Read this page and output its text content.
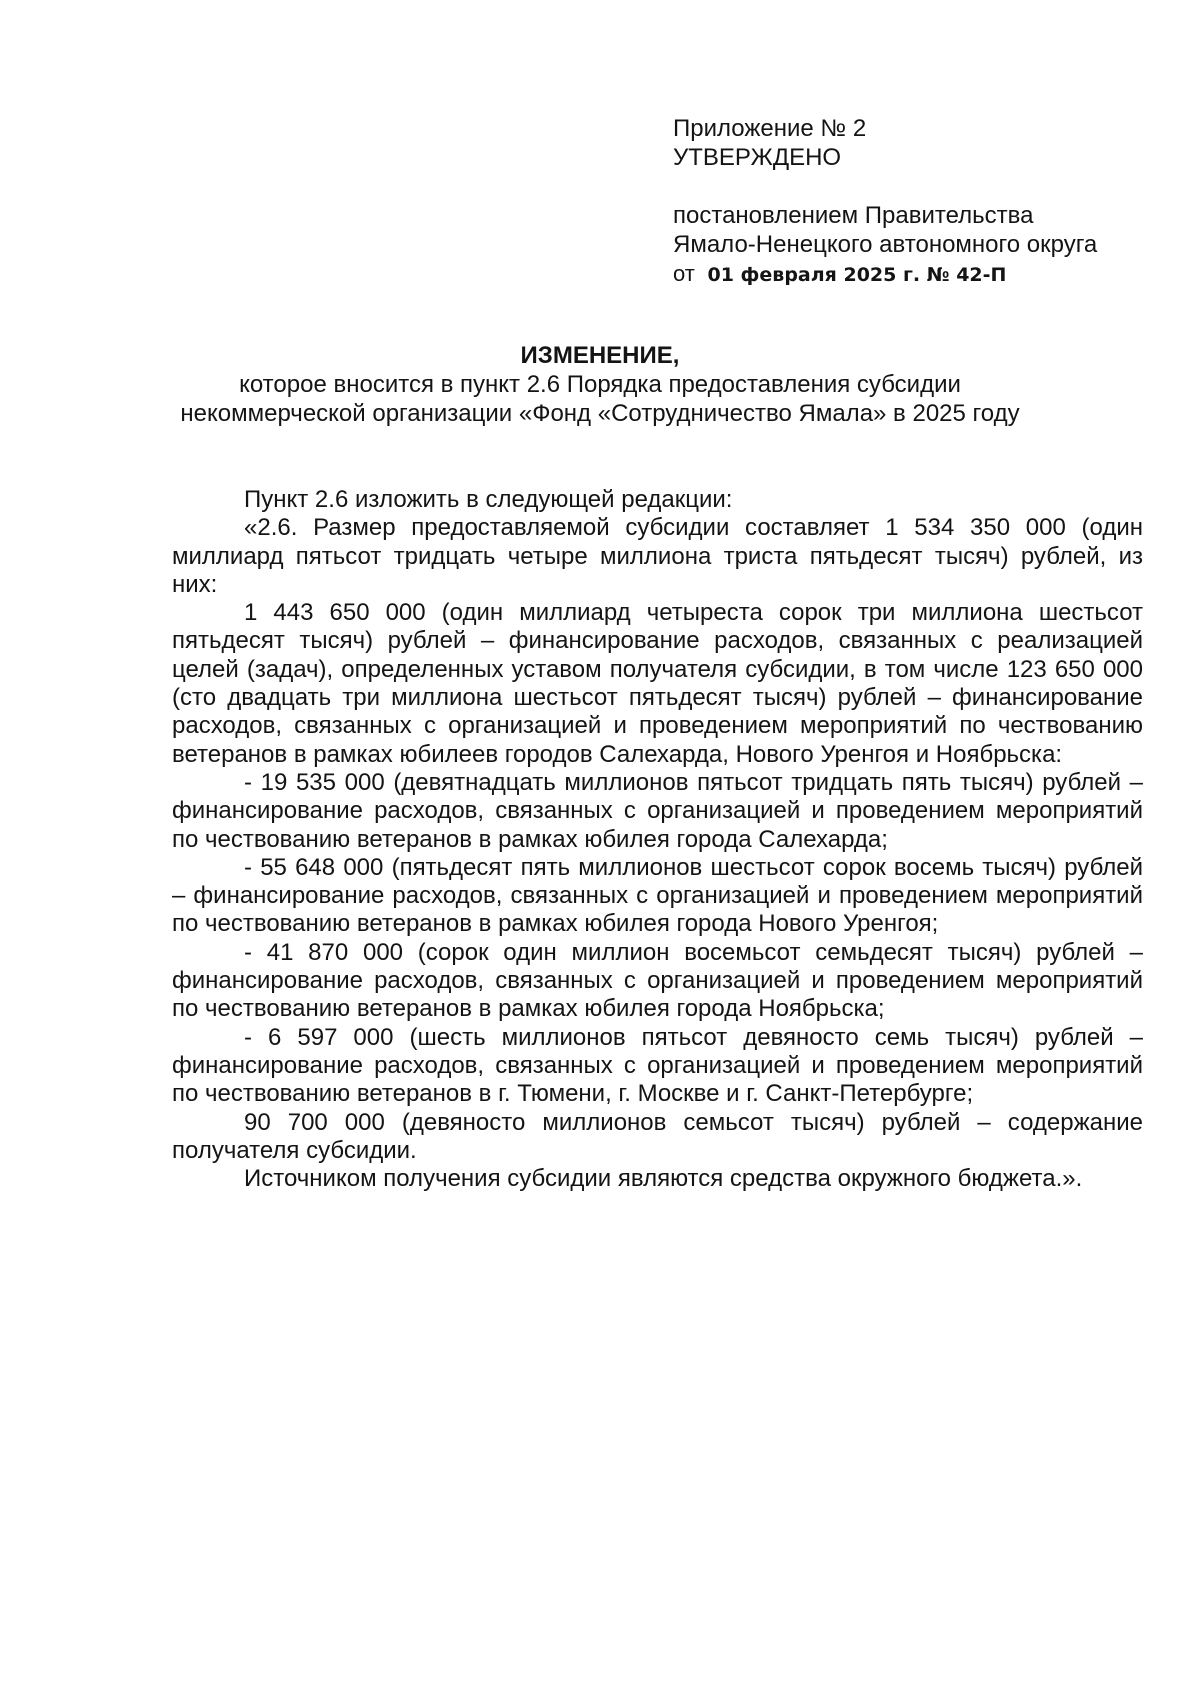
Приложение № 2
УТВЕРЖДЕНО
постановлением Правительства
Ямало-Ненецкого автономного округа
от 01 февраля 2025 г. № 42-П
ИЗМЕНЕНИЕ,
которое вносится в пункт 2.6 Порядка предоставления субсидии
некоммерческой организации «Фонд «Сотрудничество Ямала» в 2025 году

Пункт 2.6 изложить в следующей редакции:

«2.6. Размер предоставляемой субсидии составляет 1 534 350 000 (один миллиард пятьсот тридцать четыре миллиона триста пятьдесят тысяч) рублей, из них:

1 443 650 000 (один миллиард четыреста сорок три миллиона шестьсот пятьдесят тысяч) рублей – финансирование расходов, связанных с реализацией целей (задач), определенных уставом получателя субсидии, в том числе 123 650 000 (сто двадцать три миллиона шестьсот пятьдесят тысяч) рублей – финансирование расходов, связанных с организацией и проведением мероприятий по чествованию ветеранов в рамках юбилеев городов Салехарда, Нового Уренгоя и Ноябрьска:

- 19 535 000 (девятнадцать миллионов пятьсот тридцать пять тысяч) рублей – финансирование расходов, связанных с организацией и проведением мероприятий по чествованию ветеранов в рамках юбилея города Салехарда;

- 55 648 000 (пятьдесят пять миллионов шестьсот сорок восемь тысяч) рублей – финансирование расходов, связанных с организацией и проведением мероприятий по чествованию ветеранов в рамках юбилея города Нового Уренгоя;

- 41 870 000 (сорок один миллион восемьсот семьдесят тысяч) рублей – финансирование расходов, связанных с организацией и проведением мероприятий по чествованию ветеранов в рамках юбилея города Ноябрьска;

- 6 597 000 (шесть миллионов пятьсот девяносто семь тысяч) рублей – финансирование расходов, связанных с организацией и проведением мероприятий по чествованию ветеранов в г. Тюмени, г. Москве и г. Санкт-Петербурге;

90 700 000 (девяносто миллионов семьсот тысяч) рублей – содержание получателя субсидии.

Источником получения субсидии являются средства окружного бюджета.».
